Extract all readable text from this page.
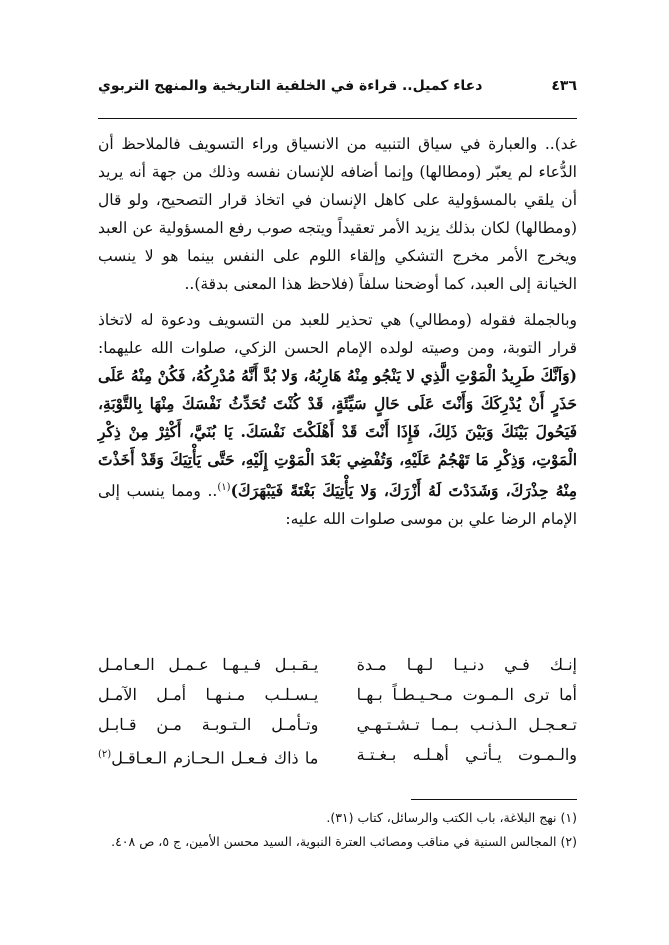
٤٣٦
دعاء كميل.. قراءة في الخلفية التاريخية والمنهج التربوي

غد).. والعبارة في سياق التنبيه من الانسياق وراء التسويف فالملاحظ أن الدُّعاء لم يعبّر (ومطالها) وإنما أضافه للإنسان نفسه وذلك من جهة أنه يريد أن يلقي بالمسؤولية على كاهل الإنسان في اتخاذ قرار التصحيح، ولو قال (ومطالها) لكان بذلك يزيد الأمر تعقيداً ويتجه صوب رفع المسؤولية عن العبد ويخرج الأمر مخرج التشكي وإلقاء اللوم على النفس بينما هو لا ينسب الخيانة إلى العبد، كما أوضحنا سلفاً (فلاحظ هذا المعنى بدقة)..

وبالجملة فقوله (ومطالي) هي تحذير للعبد من التسويف ودعوة له لاتخاذ قرار التوبة، ومن وصيته لولده الإمام الحسن الزكي، صلوات الله عليهما: (وَاَنَّكَ طَرِيدُ الْمَوْتِ الَّذِي لا يَنْجُو مِنْهُ هَارِبُهُ، وَلا بُدَّ أَنَّهُ مُدْرِكُهُ، فَكُنْ مِنْهُ عَلَى حَذَرٍ أَنْ يُدْرِكَكَ وَأَنْتَ عَلَى حَالٍ سَيِّئَةٍ، قَدْ كُنْتَ تُحَدِّثُ نَفْسَكَ مِنْهَا بِالتَّوْبَةِ، فَيَحُولَ بَيْنَكَ وَبَيْنَ ذَلِكَ، فَإِذَا أَنْتَ قَدْ أَهْلَكْتَ نَفْسَكَ. يَا بُنَيَّ، أَكْثِرْ مِنْ ذِكْرِ الْمَوْتِ، وَذِكْرِ مَا تَهْجُمُ عَلَيْهِ، وَتُفْضِي بَعْدَ الْمَوْتِ إِلَيْهِ، حَتَّى يَأْتِيَكَ وَقَدْ أَخَذْتَ مِنْهُ حِذْرَكَ، وَشَدَدْتَ لَهُ أَزْرَكَ، وَلا يَأْتِيَكَ بَغْتَةً فَيَبْهَرَكَ)$^{(١)}$.. ومما ينسب إلى الإمام الرضا علي بن موسى صلوات الله عليه:

إنـك فـي دنـيـا لـهـا مـدة
يـقـبـل فـيـهـا عـمـل الـعـامـل
أما ترى الـمـوت مـحـيـطـاً بـهـا
يـسـلـب مـنـهـا أمـل الآمـل
تـعـجـل الـذنـب بـمـا تـشـتـهـي
وتـأمـل الـتـوبـة مـن قـابـل
والـمـوت يـأتـي أهـلـه بـغـتـة
ما ذاك فـعـل الـحـازم الـعـاقـل$^{(٢)}$

(١) نهج البلاغة، باب الكتب والرسائل، كتاب (٣١).

(٢) المجالس السنية في مناقب ومصائب العترة النبوية، السيد محسن الأمين، ج ٥، ص ٤٠٨.
